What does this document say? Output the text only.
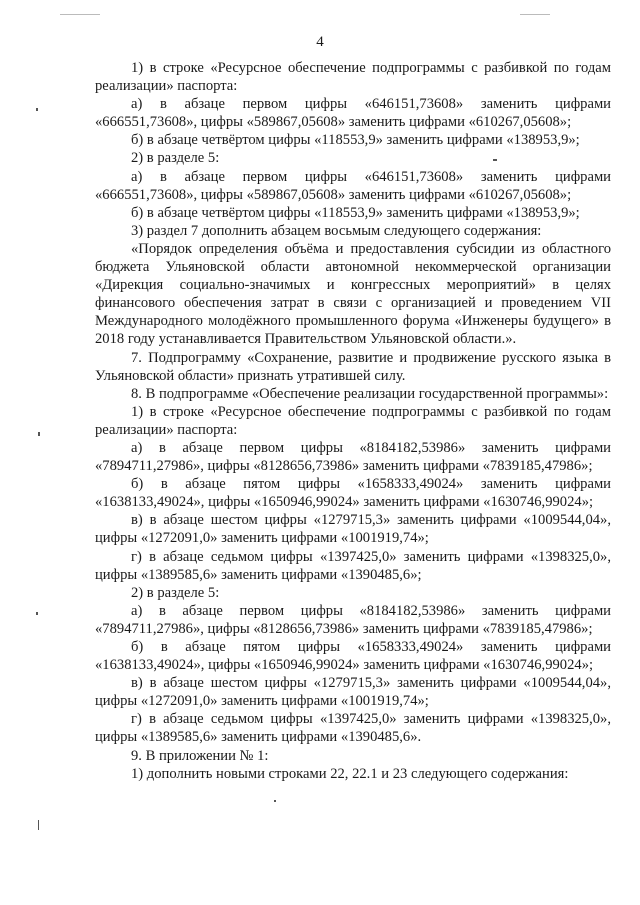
4

1) в строке «Ресурсное обеспечение подпрограммы с разбивкой по годам реализации» паспорта:

а) в абзаце первом цифры «646151,73608» заменить цифрами «666551,73608», цифры «589867,05608» заменить цифрами «610267,05608»;

б) в абзаце четвёртом цифры «118553,9» заменить цифрами «138953,9»;

2) в разделе 5:

а) в абзаце первом цифры «646151,73608» заменить цифрами «666551,73608», цифры «589867,05608» заменить цифрами «610267,05608»;

б) в абзаце четвёртом цифры «118553,9» заменить цифрами «138953,9»;

3) раздел 7 дополнить абзацем восьмым следующего содержания:

«Порядок определения объёма и предоставления субсидии из областного бюджета Ульяновской области автономной некоммерческой организации «Дирекция социально-значимых и конгрессных мероприятий» в целях финансового обеспечения затрат в связи с организацией и проведением VII Международного молодёжного промышленного форума «Инженеры будущего» в 2018 году устанавливается Правительством Ульяновской области.».

7. Подпрограмму «Сохранение, развитие и продвижение русского языка в Ульяновской области» признать утратившей силу.

8. В подпрограмме «Обеспечение реализации государственной программы»:

1) в строке «Ресурсное обеспечение подпрограммы с разбивкой по годам реализации» паспорта:

а) в абзаце первом цифры «8184182,53986» заменить цифрами «7894711,27986», цифры «8128656,73986» заменить цифрами «7839185,47986»;

б) в абзаце пятом цифры «1658333,49024» заменить цифрами «1638133,49024», цифры «1650946,99024» заменить цифрами «1630746,99024»;

в) в абзаце шестом цифры «1279715,3» заменить цифрами «1009544,04», цифры «1272091,0» заменить цифрами «1001919,74»;

г) в абзаце седьмом цифры «1397425,0» заменить цифрами «1398325,0», цифры «1389585,6» заменить цифрами «1390485,6»;

2) в разделе 5:

а) в абзаце первом цифры «8184182,53986» заменить цифрами «7894711,27986», цифры «8128656,73986» заменить цифрами «7839185,47986»;

б) в абзаце пятом цифры «1658333,49024» заменить цифрами «1638133,49024», цифры «1650946,99024» заменить цифрами «1630746,99024»;

в) в абзаце шестом цифры «1279715,3» заменить цифрами «1009544,04», цифры «1272091,0» заменить цифрами «1001919,74»;

г) в абзаце седьмом цифры «1397425,0» заменить цифрами «1398325,0», цифры «1389585,6» заменить цифрами «1390485,6».

9. В приложении № 1:

1) дополнить новыми строками 22, 22.1 и 23 следующего содержания:
